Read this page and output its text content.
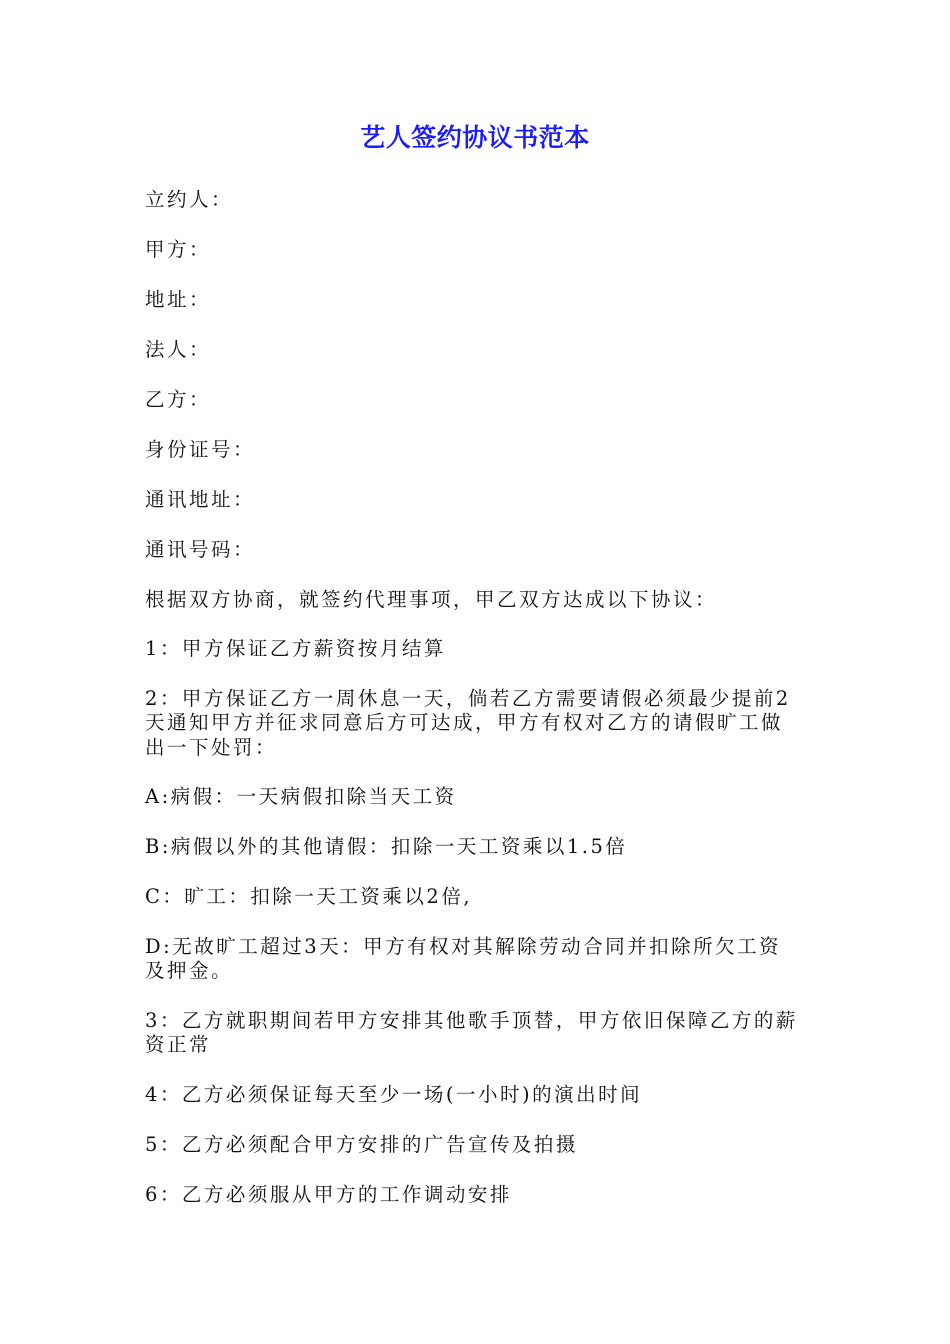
艺人签约协议书范本
立约人：
甲方：
地址：
法人：
乙方：
身份证号：
通讯地址：
通讯号码：
根据双方协商，就签约代理事项，甲乙双方达成以下协议：
1：甲方保证乙方薪资按月结算
2：甲方保证乙方一周休息一天，倘若乙方需要请假必须最少提前2
天通知甲方并征求同意后方可达成，甲方有权对乙方的请假旷工做
出一下处罚：
A:病假：一天病假扣除当天工资
B:病假以外的其他请假：扣除一天工资乘以1.5倍
C：旷工：扣除一天工资乘以2倍,
D:无故旷工超过3天：甲方有权对其解除劳动合同并扣除所欠工资
及押金。
3：乙方就职期间若甲方安排其他歌手顶替，甲方依旧保障乙方的薪
资正常
4：乙方必须保证每天至少一场(一小时)的演出时间
5：乙方必须配合甲方安排的广告宣传及拍摄
6：乙方必须服从甲方的工作调动安排
